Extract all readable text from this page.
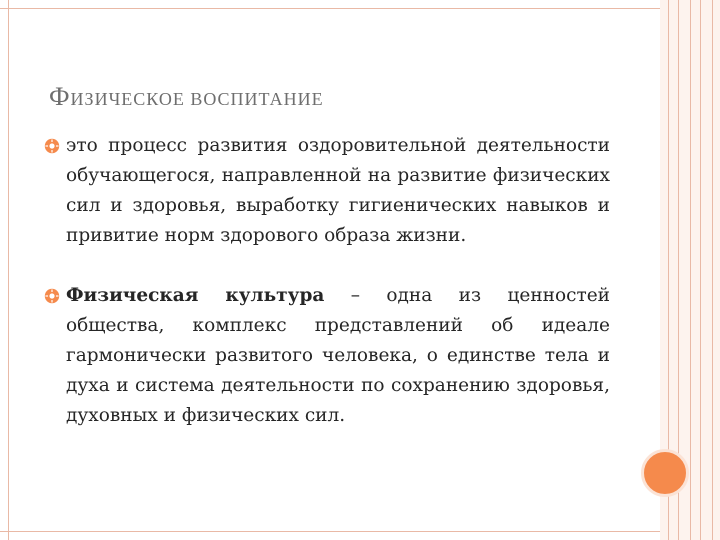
ФИЗИЧЕСКОЕ ВОСПИТАНИЕ

это процесс развития оздоровительной деятельности обучающегося, направленной на развитие физических сил и здоровья, выработку гигиенических навыков и привитие норм здорового образа жизни.

Физическая культура – одна из ценностей общества, комплекс представлений об идеале гармонически развитого человека, о единстве тела и духа и система деятельности по сохранению здоровья, духовных и физических сил.
